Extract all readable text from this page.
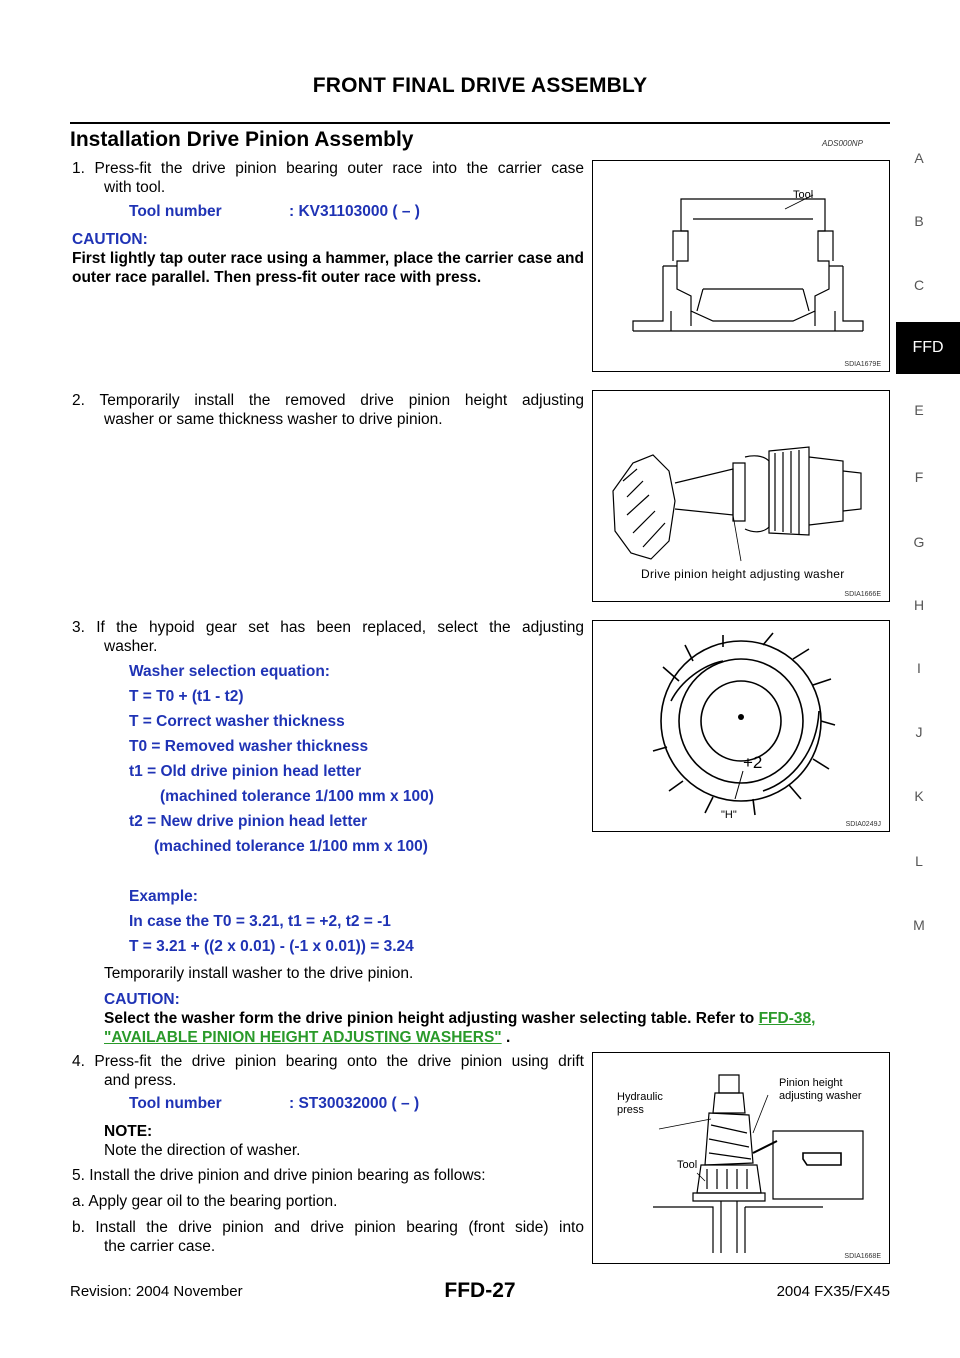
FRONT FINAL DRIVE ASSEMBLY
Installation Drive Pinion Assembly	ADS000NP
A
B
C
FFD
E
F
G
H
I
J
K
L
M
1. Press-fit the drive pinion bearing outer race into the carrier case
with tool.
Tool number	: KV31103000 ( – )
CAUTION:
First lightly tap outer race using a hammer, place the carrier case and outer race parallel. Then press-fit outer race with press.
Tool
SDIA1679E
2. Temporarily install the removed drive pinion height adjusting
washer or same thickness washer to drive pinion.
Drive pinion height adjusting washer
SDIA1666E
3. If the hypoid gear set has been replaced, select the adjusting
washer.
Washer selection equation:
T = T0 + (t1 - t2)
T = Correct washer thickness
T0 = Removed washer thickness
t1 = Old drive pinion head letter
(machined tolerance 1/100 mm x 100)
t2 = New drive pinion head letter
(machined tolerance 1/100 mm x 100)
Example:
In case the T0 = 3.21, t1 = +2, t2 = -1
T = 3.21 + ((2 x 0.01) - (-1 x 0.01)) = 3.24
Temporarily install washer to the drive pinion.
CAUTION:
Select the washer form the drive pinion height adjusting washer selecting table. Refer to FFD-38,
"AVAILABLE PINION HEIGHT ADJUSTING WASHERS" .
+2
"H"
SDIA0249J
4. Press-fit the drive pinion bearing onto the drive pinion using drift
and press.
Tool number	: ST30032000 ( – )
NOTE:
Note the direction of washer.
5. Install the drive pinion and drive pinion bearing as follows:
a. Apply gear oil to the bearing portion.
b. Install the drive pinion and drive pinion bearing (front side) into
the carrier case.
Hydraulic
press
Pinion height
adjusting washer
Tool
SDIA1668E
Revision: 2004 November	FFD-27	2004 FX35/FX45
